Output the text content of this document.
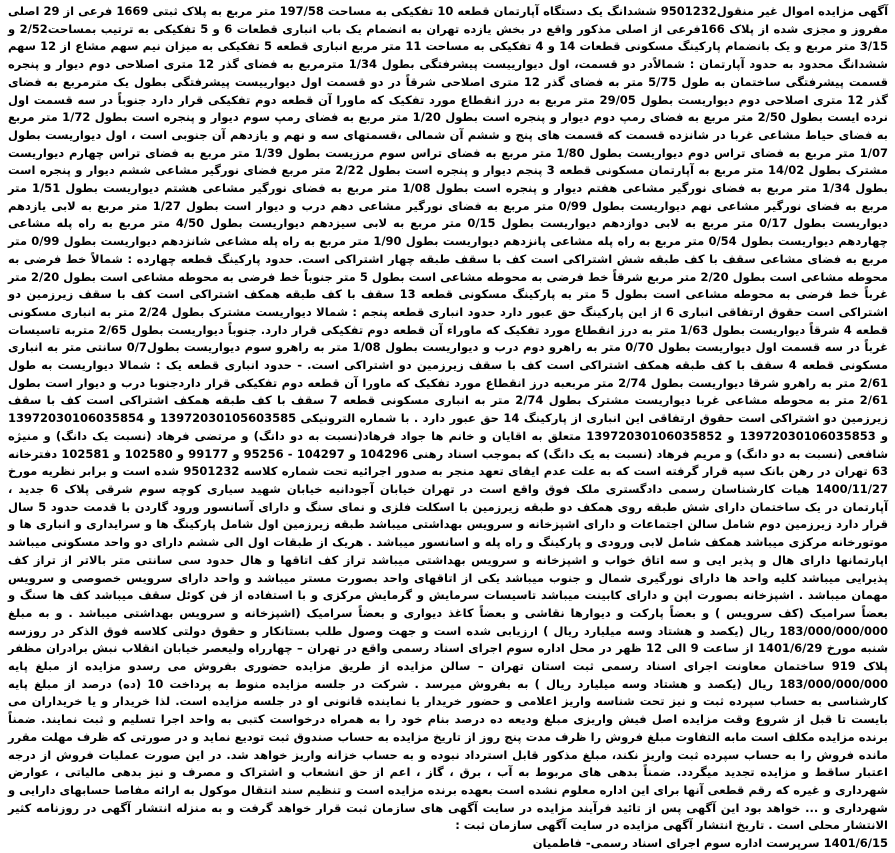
آگهی مزایده اموال غیر منقول9501232 ششدانگ یک دستگاه آپارتمان قطعه 10 تفکیکی به مساحت 197/58 متر مربع به پلاک ثبتی 1669 فرعی از 29 اصلی مفروز و مجزی شده از پلاک 166فرعی از اصلی مذکور واقع در بخش یازده تهران به انضمام یک باب انباری قطعات 6 و 5 تفکیکی به ترتیب بمساحت2/52 و 3/15 متر مربع و یک بانضمام پارکینگ مسکونی قطعات 14 و 4 تفکیکی به مساحت 11 متر مربع انباری قطعه 5 تفکیکی به میزان نیم سهم مشاع از 12 سهم ششدانگ محدود به حدود آپارتمان : شمالاًدر دو قسمت، اول دیوارییست پیشرفتگی بطول 1/34 مترمربع به فضای گذر 12 متری اصلاحی دوم دیوار و پنجره قسمت پیشرفتگی ساختمان به طول 5/75 متر به فضای گذر 12 متری اصلاحی شرقاً در دو قسمت اول دیوارییست پیشرفتگی بطول یک مترمربع به فضای گذر 12 متری اصلاحی دوم دیواریست بطول 29/05 متر مربع به درز انقطاع مورد تفکیک که ماورا آن قطعه دوم تفکیکی قرار دارد جنوباً در سه قسمت اول نرده ایست بطول 2/50 متر مربع به فضای رمپ دوم دیوار و پنجره است بطول 1/20 متر مربع به فضای رمپ سوم دیوار و پنجره است بطول 1/72 متر مربع به فضای حیاط مشاعی غربا در شانزده قسمت که قسمت های پنج و ششم آن شمالی ،قسمتهای سه و نهم و یازدهم آن جنوبی است ، اول دیواریست بطول 1/07 متر مربع به فضای تراس دوم دیواریست بطول 1/80 متر مربع به فضای تراس سوم مرزیست بطول 1/39 متر مربع به فضای تراس چهارم دیواریست مشترک بطول 14/02 متر مربع به آپارتمان مسکونی قطعه 3 پنجم دیوار و پنجره است بطول 2/22 متر مربع فضای نورگیر مشاعی ششم دیوار و پنجره است بطول 1/34 متر مربع به فضای نورگیر مشاعی هفتم دیوار و پنجره است بطول 1/08 متر مربع به فضای نورگیر مشاعی هشتم دیواریست بطول 1/51 متر مربع به فضای نورگیر مشاعی نهم دیواریست بطول 0/99 متر مربع به فضای نورگیر مشاعی دهم درب و دیوار است بطول 1/27 متر مربع به لابی یازدهم دیواریست بطول 0/17 متر مربع به لابی دوازدهم دیواریست بطول 0/15 متر مربع به لابی سیزدهم دیواریست بطول 4/50 متر مربع به راه پله مشاعی چهاردهم دیواریست بطول 0/54 متر مربع به راه پله مشاعی پانزدهم دیواریست بطول 1/90 متر مربع به راه پله مشاعی شانزدهم دیواریست بطول 0/99 متر مربع به فضای مشاعی سقف با کف طبقه شش اشتراکی است کف با سقف طبقه چهار اشتراکی است. حدود پارکینگ قطعه چهارده : شمالاً خط فرضی به محوطه مشاعی است بطول 2/20 متر مربع شرقاً خط فرضی به محوطه مشاعی است بطول 5 متر جنوباً خط فرضی به محوطه مشاعی است بطول 2/20 متر غرباً خط فرضی به محوطه مشاعی است بطول 5 متر به پارکینگ مسکونی قطعه 13 سقف با کف طبقه همکف اشتراکی است کف با سقف زیرزمین دو اشتراکی است حقوق ارتفاقی انباری 6 از این پارکینگ حق عبور دارد حدود انباری قطعه پنجم : شمالا دیواریست مشترک بطول 2/24 متر به انباری مسکونی قطعه 4 شرقاً دیواریست بطول 1/63 متر به درز انقطاع مورد تفکیک که ماوراء آن قطعه دوم تفکیکی قرار دارد. جنوباً دیواریست بطول 2/65 متربه تاسیسات غرباً در سه قسمت اول دیواریست بطول 0/70 متر به راهرو دوم درب و دیواریست بطول 1/08 متر به راهرو سوم دیواریست بطول0/7 سانتی متر به انباری مسکونی قطعه 4 سقف با کف طبقه همکف اشتراکی است کف با سقف زیرزمین دو اشتراکی است. - حدود انباری قطعه یک : شمالا دیواریست به طول 2/61 متر به راهرو شرقا دیواریست بطول 2/74 متر مربعبه درز انقطاع مورد تفکیک که ماورا آن قطعه دوم تفکیکی قرار داردجنوبا درب و دیوار است بطول 2/61 متر به محوطه مشاعی غربا دیواریست مشترک بطول 2/74 متر به انباری مسکونی قطعه 7 سقف با کف طبقه همکف اشتراکی است کف با سقف زیرزمین دو اشتراکی است حقوق ارتفاقی این انباری از پارکینگ 14 حق عبور دارد . با شماره الترونیکی 13972030105603585 و 13972030106035854 و 13972030106035853 و 13972030106035852 متعلق به اقایان و خانم ها جواد فرهاد(نسبت به دو دانگ) و مرتضی فرهاد (نسبت یک دانگ) و منیژه شافعی (نسبت به دو دانگ) و مریم فرهاد (نسبت به یک دانگ) که بموجب اسناد رهنی 104296 و 104297 - 95256 و 99177 و 102580 و 102581 دفترخانه 63 تهران در رهن بانک سپه قرار گرفته است که به علت عدم ایفای تعهد منجر به صدور اجرائیه تحت شماره کلاسه 9501232 شده است و برابر نظریه مورخ 1400/11/27 هیات کارشناسان رسمی دادگستری ملک فوق واقع است در تهران خیابان آجودانیه خیابان شهید سیاری کوچه سوم شرقی پلاک 6 جدید ، آپارتمان در یک ساختمان دارای شش طبقه روی همکف دو طبقه زیرزمین با اسکلت فلزی و نمای سنگ و دارای آسانسور ورود گاردن با قدمت حدود 5 سال قرار دارد زیرزمین دوم شامل سالن اجتماعات و دارای اشپزخانه و سرویس بهداشتی میباشد طبقه زیرزمین اول شامل پارکینگ ها و سرایداری و انباری ها و موتورخانه مرکزی میباشد همکف شامل لابی ورودی و پارکینگ و راه پله و اسانسور میباشد . هریک از طبقات اول الی ششم دارای دو واحد مسکونی میباشد اپارتمانها دارای هال و پذیر ایی و سه اتاق خواب و اشپزخانه و سرویس بهداشتی میباشد تراز کف اتاقها و هال حدود سی سانتی متر بالاتر از تراز کف پذیرایی میباشد کلیه واحد ها دارای نورگیری شمال و جنوب میباشد یکی از اتاقهای واحد بصورت مستر میباشد و واحد دارای سرویس خصوصی و سرویس مهمان میباشد . اشپزخانه بصورت اپن و دارای کابینت میباشد تاسیسات سرمایش و گرمایش مرکزی و با استفاده از فن کوئل سقف میباشد کف ها سنگ و بعضاً سرامیک (کف سرویس ) و بعضاً پارکت و دیوارها نقاشی و بعضاً کاغذ دیواری و بعضاً سرامیک (اشپزخانه و سرویس بهداشتی میباشد . و به مبلغ 183/000/000/000 ریال (یکصد و هشتاد وسه میلیارد ریال ) ارزیابی شده است و جهت وصول طلب بستانکار و حقوق دولتی کلاسه فوق الذکر در روزسه شنبه مورخ 1401/6/29 از ساعت 9 الی 12 ظهر در محل اداره سوم اجرای اسناد رسمی واقع در تهران – چهارراه ولیعصر خیابان انقلاب نبش برادران مظفر پلاک 919 ساختمان معاونت اجرای اسناد رسمی ثبت استان تهران – سالن مزایده از طریق مزایده حضوری بفروش می رسدو مزایده از مبلغ پایه 183/000/000/000 ریال (یکصد و هشتاد وسه میلیارد ریال ) به بفروش میرسد . شرکت در جلسه مزایده منوط به پرداخت 10 (ده) درصد از مبلغ پایه کارشناسی به حساب سپرده ثبت و نیز تحت شناسه واریز اعلامی و حضور خریدار یا نماینده قانونی او در جلسه مزایده است. لذا خریدار و یا خریداران می بایست تا قبل از شروع وقت مزایده اصل فیش واریزی مبلغ ودیعه ده درصد بنام خود را به همراه درخواست کتبی به واحد اجرا تسلیم و ثبت نمایند. ضمناً برنده مزایده مکلف است مابه التفاوت مبلغ فروش را ظرف مدت پنج روز از تاریخ مزایده به حساب صندوق ثبت تودیع نماید و در صورتی که ظرف مهلت مقرر مانده فروش را به حساب سپرده ثبت واریز نکند، مبلغ مذکور قابل استرداد نبوده و به حساب خزانه واریز خواهد شد. در این صورت عملیات فروش از درجه اعتبار ساقط و مزایده تجدید میگردد. ضمناً بدهی های مربوط به آب ، برق ، گاز ، اعم از حق انشعاب و اشتراک و مصرف و نیز بدهی مالیاتی ، عوارض شهرداری و غیره که رقم قطعی آنها برای این اداره معلوم نشده است بعهده برنده مزایده است و تنظیم سند انتقال موکول به ارائه مفاصا حسابهای دارایی و شهرداری و ... خواهد بود این آگهی پس از تائید فرآیند مزایده در سایت آگهی های سازمان ثبت قرار خواهد گرفت و به منزله انتشار آگهی در روزنامه کثیر الانتشار محلی است . تاریخ انتشار آگهی مزایده در سایت آگهی سازمان ثبت :

1401/6/15 سرپرست اداره سوم اجرای اسناد رسمی- فاطمیان
